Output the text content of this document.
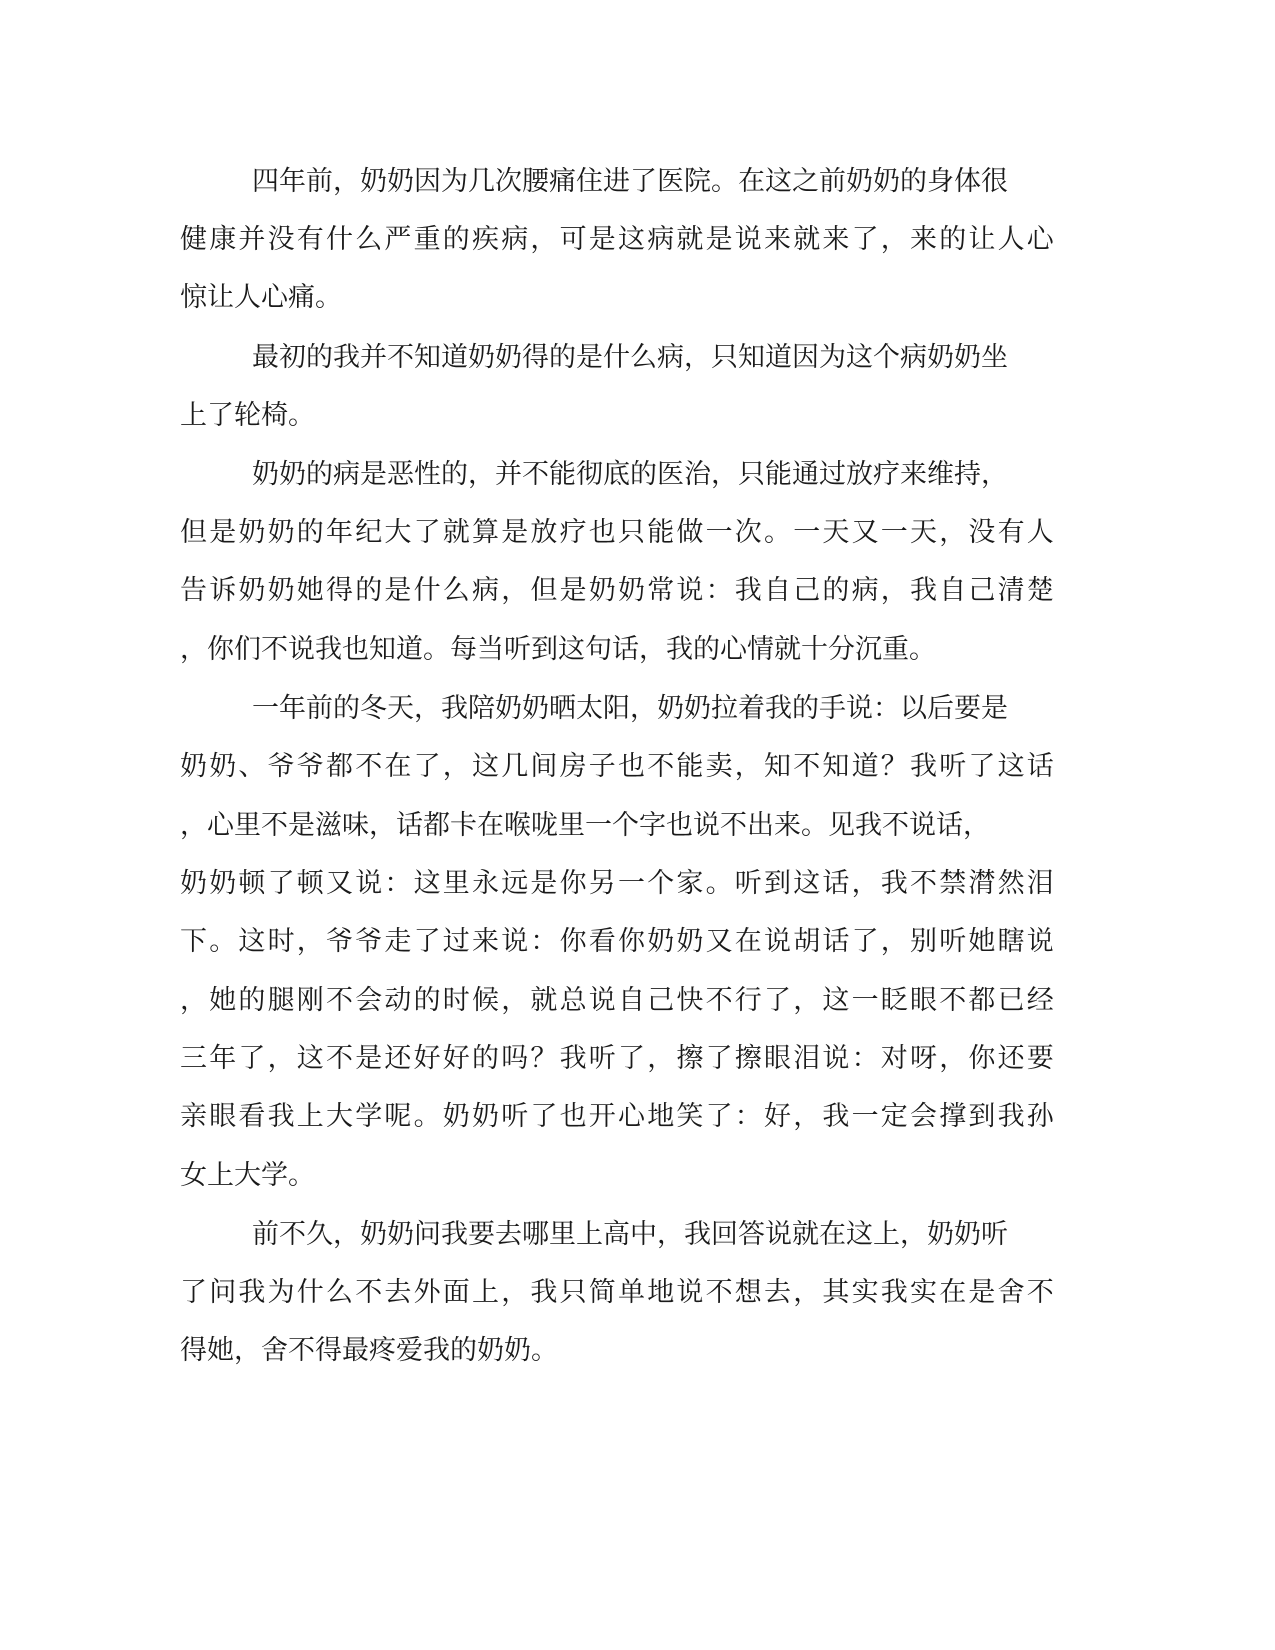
四年前，奶奶因为几次腰痛住进了医院。在这之前奶奶的身体很
健康并没有什么严重的疾病，可是这病就是说来就来了，来的让人心
惊让人心痛。
最初的我并不知道奶奶得的是什么病，只知道因为这个病奶奶坐
上了轮椅。
奶奶的病是恶性的，并不能彻底的医治，只能通过放疗来维持，
但是奶奶的年纪大了就算是放疗也只能做一次。一天又一天，没有人
告诉奶奶她得的是什么病，但是奶奶常说：我自己的病，我自己清楚
，你们不说我也知道。每当听到这句话，我的心情就十分沉重。
一年前的冬天，我陪奶奶晒太阳，奶奶拉着我的手说：以后要是
奶奶、爷爷都不在了，这几间房子也不能卖，知不知道？我听了这话
，心里不是滋味，话都卡在喉咙里一个字也说不出来。见我不说话，
奶奶顿了顿又说：这里永远是你另一个家。听到这话，我不禁潸然泪
下。这时，爷爷走了过来说：你看你奶奶又在说胡话了，别听她瞎说
，她的腿刚不会动的时候，就总说自己快不行了，这一眨眼不都已经
三年了，这不是还好好的吗？我听了，擦了擦眼泪说：对呀，你还要
亲眼看我上大学呢。奶奶听了也开心地笑了：好，我一定会撑到我孙
女上大学。
前不久，奶奶问我要去哪里上高中，我回答说就在这上，奶奶听
了问我为什么不去外面上，我只简单地说不想去，其实我实在是舍不
得她，舍不得最疼爱我的奶奶。
